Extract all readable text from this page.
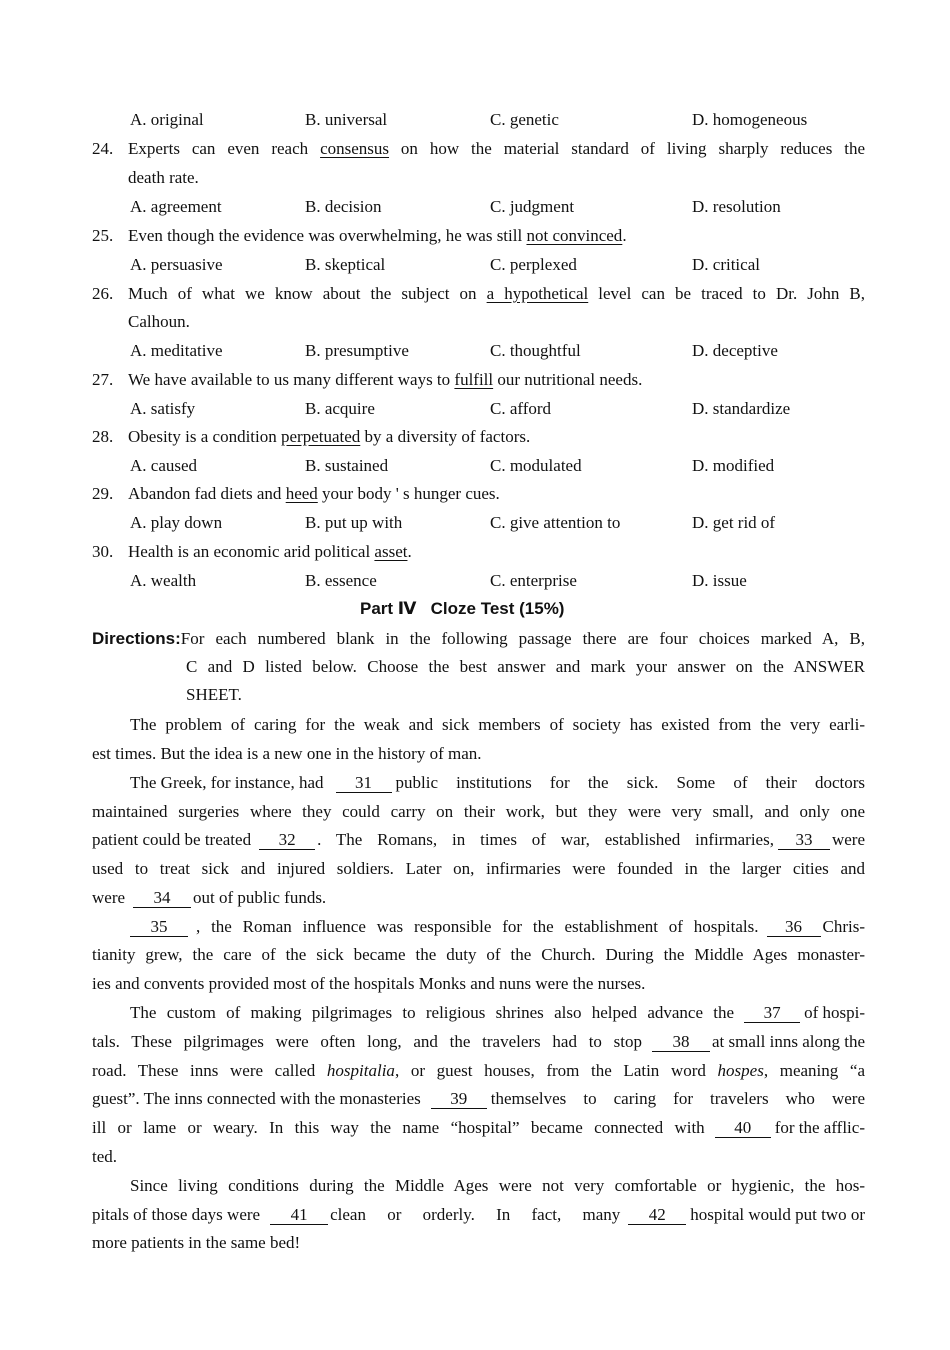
A. original	B. universal	C. genetic	D. homogeneous
24. Experts can even reach consensus on how the material standard of living sharply reduces the
death rate.
A. agreement	B. decision	C. judgment	D. resolution
25. Even though the evidence was overwhelming, he was still not convinced.
A. persuasive	B. skeptical	C. perplexed	D. critical
26. Much of what we know about the subject on a hypothetical level can be traced to Dr. John B,
Calhoun.
A. meditative	B. presumptive	C. thoughtful	D. deceptive
27. We have available to us many different ways to fulfill our nutritional needs.
A. satisfy	B. acquire	C. afford	D. standardize
28. Obesity is a condition perpetuated by a diversity of factors.
A. caused	B. sustained	C. modulated	D. modified
29. Abandon fad diets and heed your body ' s hunger cues.
A. play down	B. put up with	C. give attention to	D. get rid of
30. Health is an economic arid political asset.
A. wealth	B. essence	C. enterprise	D. issue
Part Ⅳ   Cloze Test (15%)
Directions: For each numbered blank in the following passage there are four choices marked A, B,
C and D listed below. Choose the best answer and mark your answer on the ANSWER
SHEET.
The problem of caring for the weak and sick members of society has existed from the very earli-
est times. But the idea is a new one in the history of man.
The Greek, for instance, had	31	public institutions for the sick. Some of their doctors
maintained surgeries where they could carry on their work, but they were very small, and only one
patient could be treated	32	. The Romans, in times of war, established infirmaries,	33	were
used to treat sick and injured soldiers. Later on, infirmaries were founded in the larger cities and
were	34	out of public funds.
35	, the Roman influence was responsible for the establishment of hospitals.	36	Chris-
tianity grew, the care of the sick became the duty of the Church. During the Middle Ages monaster-
ies and convents provided most of the hospitals Monks and nuns were the nurses.
The custom of making pilgrimages to religious shrines also helped advance the	37	of hospi-
tals. These pilgrimages were often long, and the travelers had to stop	38	at small inns along the
road. These inns were called hospitalia, or guest houses, from the Latin word hospes, meaning “a
guest”. The inns connected with the monasteries	39	themselves to caring for travelers who were
ill or lame or weary. In this way the name “hospital” became connected with	40	for the afflic-
ted.
Since living conditions during the Middle Ages were not very comfortable or hygienic, the hos-
pitals of those days were	41	clean or orderly. In fact, many	42	hospital would put two or
more patients in the same bed!
